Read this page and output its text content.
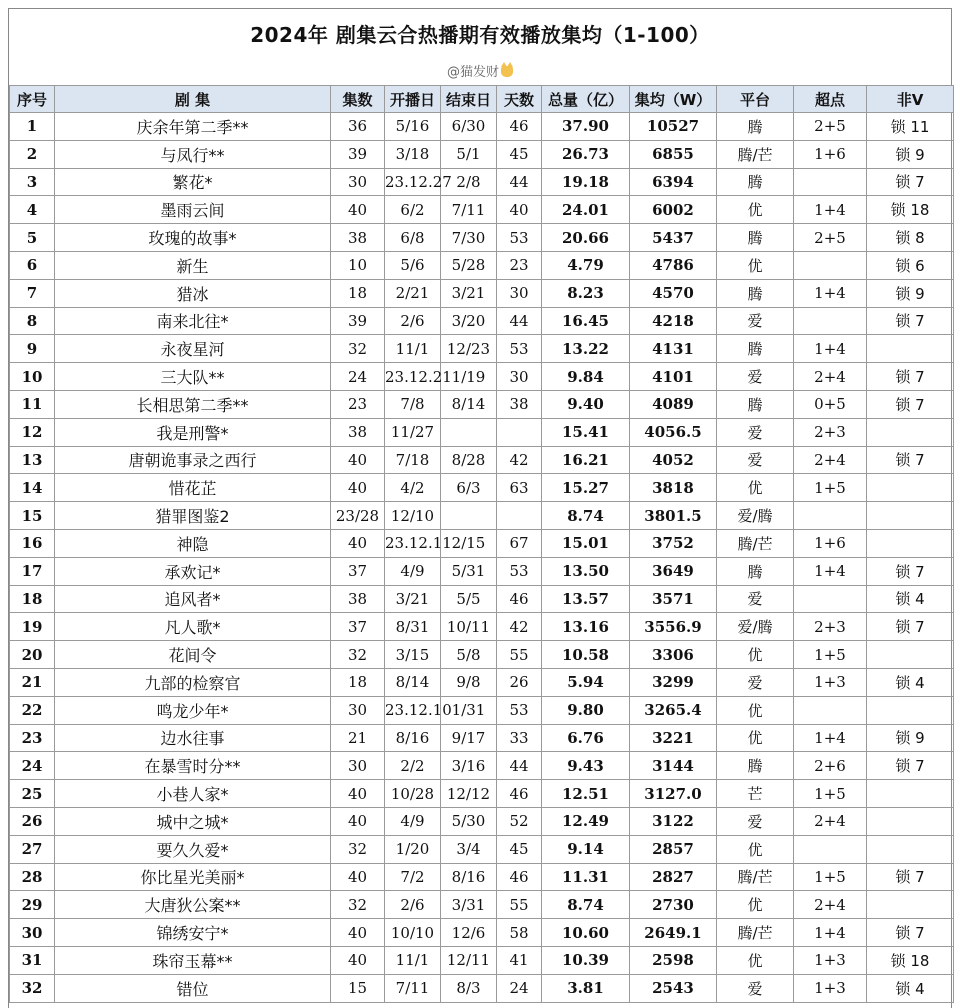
2024年 剧集云合热播期有效播放集均（1-100）
@猫发财
序号	剧 集	集数	开播日	结束日	天数	总量（亿）	集均（W）	平台	超点	非V
1	庆余年第二季**	36	5/16	6/30	46	37.90	10527	腾	2+5	锁 11
2	与凤行**	39	3/18	5/1	45	26.73	6855	腾/芒	1+6	锁 9
3	繁花*	30	23.12.27	2/8	44	19.18	6394	腾		锁 7
4	墨雨云间	40	6/2	7/11	40	24.01	6002	优	1+4	锁 18
5	玫瑰的故事*	38	6/8	7/30	53	20.66	5437	腾	2+5	锁 8
6	新生	10	5/6	5/28	23	4.79	4786	优		锁 6
7	猎冰	18	2/21	3/21	30	8.23	4570	腾	1+4	锁 9
8	南来北往*	39	2/6	3/20	44	16.45	4218	爱		锁 7
9	永夜星河	32	11/1	12/23	53	13.22	4131	腾	1+4	
10	三大队**	24	23.12.21	1/19	30	9.84	4101	爱	2+4	锁 7
11	长相思第二季**	23	7/8	8/14	38	9.40	4089	腾	0+5	锁 7
12	我是刑警*	38	11/27			15.41	4056.5	爱	2+3	
13	唐朝诡事录之西行	40	7/18	8/28	42	16.21	4052	爱	2+4	锁 7
14	惜花芷	40	4/2	6/3	63	15.27	3818	优	1+5	
15	猎罪图鉴2	23/28	12/10			8.74	3801.5	爱/腾		
16	神隐	40	23.12.11	2/15	67	15.01	3752	腾/芒	1+6	
17	承欢记*	37	4/9	5/31	53	13.50	3649	腾	1+4	锁 7
18	追风者*	38	3/21	5/5	46	13.57	3571	爱		锁 4
19	凡人歌*	37	8/31	10/11	42	13.16	3556.9	爱/腾	2+3	锁 7
20	花间令	32	3/15	5/8	55	10.58	3306	优	1+5	
21	九部的检察官	18	8/14	9/8	26	5.94	3299	爱	1+3	锁 4
22	鸣龙少年*	30	23.12.10	1/31	53	9.80	3265.4	优		
23	边水往事	21	8/16	9/17	33	6.76	3221	优	1+4	锁 9
24	在暴雪时分**	30	2/2	3/16	44	9.43	3144	腾	2+6	锁 7
25	小巷人家*	40	10/28	12/12	46	12.51	3127.0	芒	1+5	
26	城中之城*	40	4/9	5/30	52	12.49	3122	爱	2+4	
27	要久久爱*	32	1/20	3/4	45	9.14	2857	优		
28	你比星光美丽*	40	7/2	8/16	46	11.31	2827	腾/芒	1+5	锁 7
29	大唐狄公案**	32	2/6	3/31	55	8.74	2730	优	2+4	
30	锦绣安宁*	40	10/10	12/6	58	10.60	2649.1	腾/芒	1+4	锁 7
31	珠帘玉幕**	40	11/1	12/11	41	10.39	2598	优	1+3	锁 18
32	错位	15	7/11	8/3	24	3.81	2543	爱	1+3	锁 4
